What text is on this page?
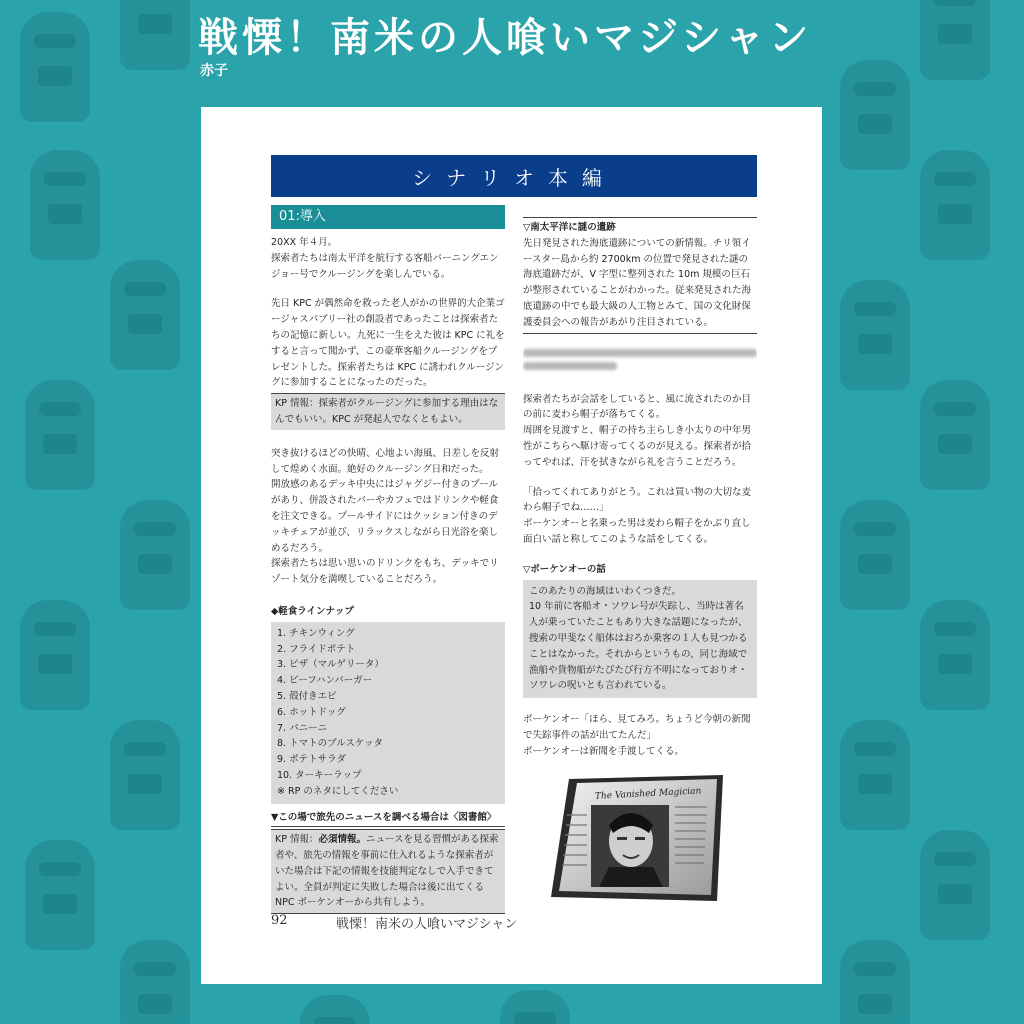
戦慄！南米の人喰いマジシャン
赤子
シナリオ本編
01:導入

20XX 年４月。

探索者たちは南太平洋を航行する客船バーニングエンジョー号でクルージングを楽しんでいる。

先日 KPC が偶然命を救った老人がかの世界的大企業ゴージャスパブリー社の創設者であったことは探索者たちの記憶に新しい。九死に一生をえた彼は KPC に礼をすると言って聞かず、この豪華客船クルージングをプレゼントした。探索者たちは KPC に誘われクルージングに参加することになったのだった。

KP 情報：探索者がクルージングに参加する理由はなんでもいい。KPC が発起人でなくともよい。

突き抜けるほどの快晴、心地よい海風、日差しを反射して煌めく水面。絶好のクルージング日和だった。

開放感のあるデッキ中央にはジャグジー付きのプールがあり、併設されたバーやカフェではドリンクや軽食を注文できる。プールサイドにはクッション付きのデッキチェアが並び、リラックスしながら日光浴を楽しめるだろう。

探索者たちは思い思いのドリンクをもち、デッキでリゾート気分を満喫していることだろう。

◆軽食ラインナップ
1. チキンウィング
2. フライドポテト
3. ピザ（マルゲリータ）
4. ビーフハンバーガー
5. 殻付きエビ
6. ホットドッグ
7. パニーニ
8. トマトのブルスケッタ
9. ポテトサラダ
10. ターキーラップ
※ RP のネタにしてください
▼この場で旅先のニュースを調べる場合は〈図書館〉
KP 情報：必須情報。ニュースを見る習慣がある探索者や、旅先の情報を事前に仕入れるような探索者がいた場合は下記の情報を技能判定なしで入手できてよい。全員が判定に失敗した場合は後に出てくる NPC ボーケンオーから共有しよう。
▽南太平洋に謎の遺跡

先日発見された海底遺跡についての新情報。チリ領イースター島から約 2700km の位置で発見された謎の海底遺跡だが、V 字型に整列された 10m 規模の巨石が整形されていることがわかった。従来発見された海底遺跡の中でも最大級の人工物とみて、国の文化財保護委員会への報告があがり注目されている。

探索者たちが会話をしていると、風に流されたのか目の前に麦わら帽子が落ちてくる。

周囲を見渡すと、帽子の持ち主らしき小太りの中年男性がこちらへ駆け寄ってくるのが見える。探索者が拾ってやれば、汗を拭きながら礼を言うことだろう。

「拾ってくれてありがとう。これは買い物の大切な麦わら帽子でね……」

ボーケンオーと名乗った男は麦わら帽子をかぶり直し面白い話と称してこのような話をしてくる。

▽ボーケンオーの話
このあたりの海域はいわくつきだ。
10 年前に客船オ・ソワレ号が失踪し、当時は著名人が乗っていたこともあり大きな話題になったが、捜索の甲斐なく船体はおろか乗客の１人も見つかることはなかった。それからというもの、同じ海域で漁船や貨物船がたびたび行方不明になっておりオ・ソワレの呪いとも言われている。

ボーケンオー「ほら、見てみろ。ちょうど今朝の新聞で失踪事件の話が出てたんだ」

ボーケンオーは新聞を手渡してくる。

The Vanished Magician
92	戦慄！南米の人喰いマジシャン
